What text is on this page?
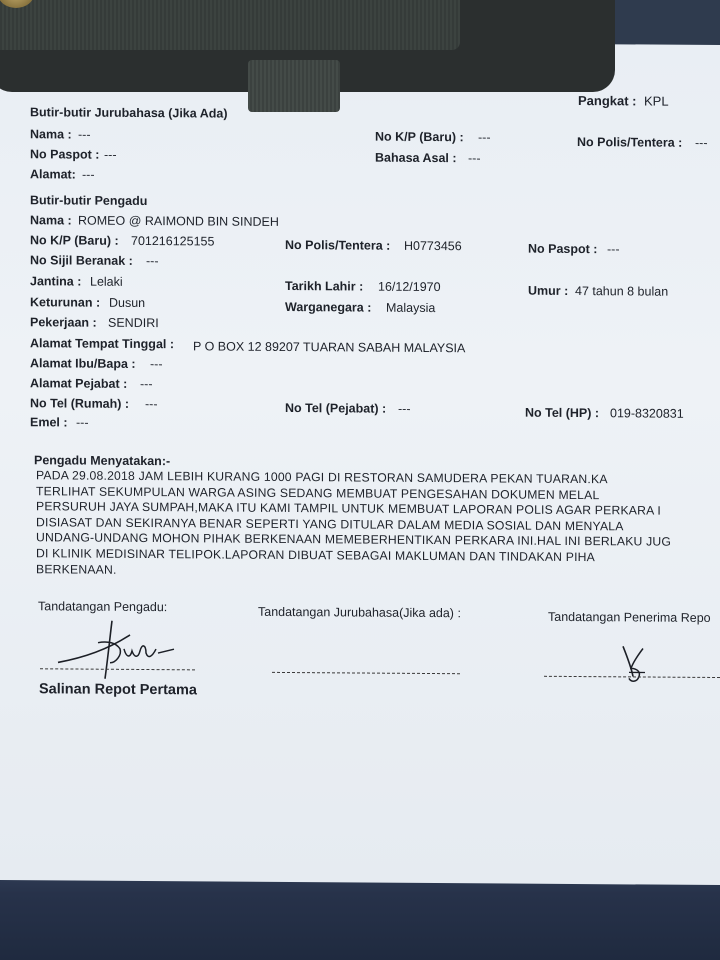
Pangkat : KPL
Butir-butir Jurubahasa (Jika Ada)
Nama : ---	No K/P (Baru) : ---	No Polis/Tentera : ---
No Paspot : ---	Bahasa Asal : ---
Alamat: ---
Butir-butir Pengadu
Nama : ROMEO @ RAIMOND BIN SINDEH
No K/P (Baru) : 701216125155	No Polis/Tentera : H0773456	No Paspot : ---
No Sijil Beranak : ---
Jantina : Lelaki	Tarikh Lahir : 16/12/1970	Umur : 47 tahun 8 bulan
Keturunan : Dusun	Warganegara : Malaysia
Pekerjaan : SENDIRI
Alamat Tempat Tinggal : P O BOX 12 89207 TUARAN SABAH MALAYSIA
Alamat Ibu/Bapa : ---
Alamat Pejabat : ---
No Tel (Rumah) : ---	No Tel (Pejabat) : ---	No Tel (HP) : 019-8320831
Emel : ---
Pengadu Menyatakan:-
PADA 29.08.2018 JAM LEBIH KURANG 1000 PAGI DI RESTORAN SAMUDERA PEKAN TUARAN.KA
TERLIHAT SEKUMPULAN WARGA ASING SEDANG MEMBUAT PENGESAHAN DOKUMEN MELAL
PERSURUH JAYA SUMPAH,MAKA ITU KAMI TAMPIL UNTUK MEMBUAT LAPORAN POLIS AGAR PERKARA I
DISIASAT DAN SEKIRANYA BENAR SEPERTI YANG DITULAR DALAM MEDIA SOSIAL DAN MENYALA
UNDANG-UNDANG MOHON PIHAK BERKENAAN MEMEBERHENTIKAN PERKARA INI.HAL INI BERLAKU JUG
DI KLINIK MEDISINAR TELIPOK.LAPORAN DIBUAT SEBAGAI MAKLUMAN DAN TINDAKAN PIHA
BERKENAAN.
Tandatangan Pengadu:	Tandatangan Jurubahasa(Jika ada) :	Tandatangan Penerima Repo
Salinan Repot Pertama
